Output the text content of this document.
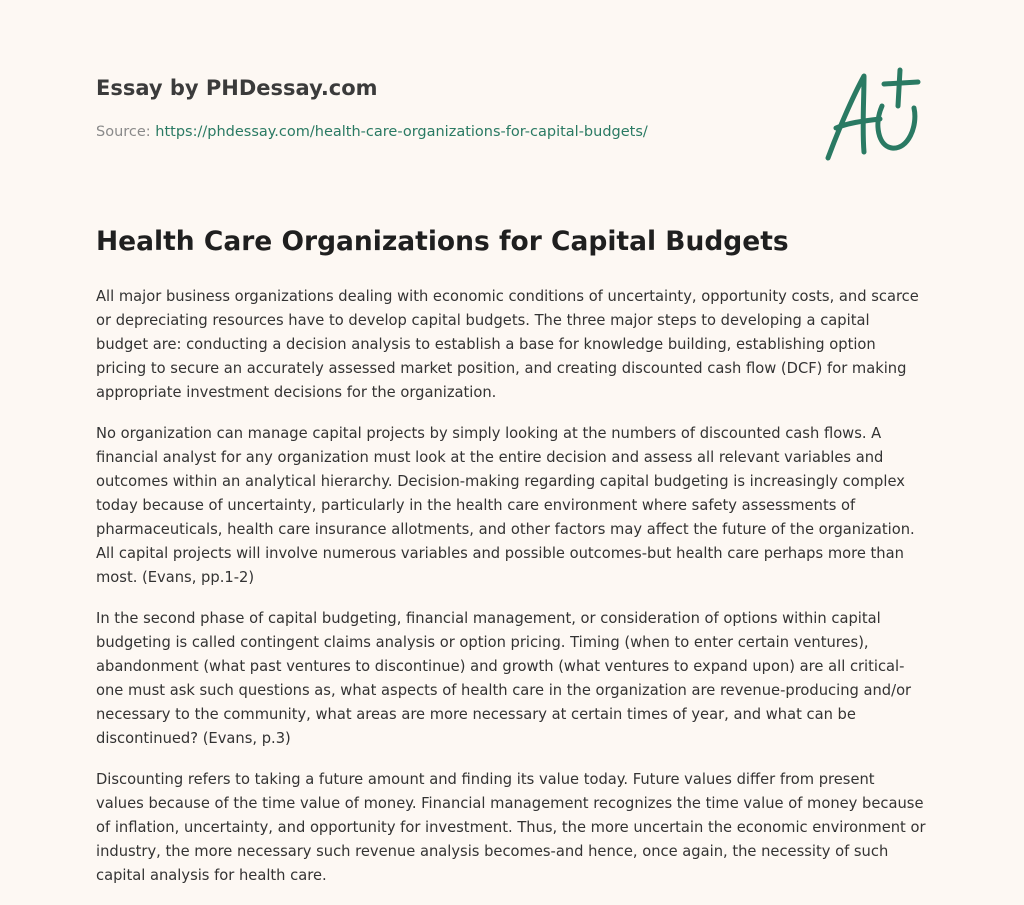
Essay by PHDessay.com

Source: https://phdessay.com/health-care-organizations-for-capital-budgets/

Health Care Organizations for Capital Budgets

All major business organizations dealing with economic conditions of uncertainty, opportunity costs, and scarce or depreciating resources have to develop capital budgets. The three major steps to developing a capital budget are: conducting a decision analysis to establish a base for knowledge building, establishing option pricing to secure an accurately assessed market position, and creating discounted cash flow (DCF) for making appropriate investment decisions for the organization.

No organization can manage capital projects by simply looking at the numbers of discounted cash flows. A financial analyst for any organization must look at the entire decision and assess all relevant variables and outcomes within an analytical hierarchy. Decision-making regarding capital budgeting is increasingly complex today because of uncertainty, particularly in the health care environment where safety assessments of pharmaceuticals, health care insurance allotments, and other factors may affect the future of the organization. All capital projects will involve numerous variables and possible outcomes-but health care perhaps more than most. (Evans, pp.1-2)

In the second phase of capital budgeting, financial management, or consideration of options within capital budgeting is called contingent claims analysis or option pricing. Timing (when to enter certain ventures), abandonment (what past ventures to discontinue) and growth (what ventures to expand upon) are all critical-one must ask such questions as, what aspects of health care in the organization are revenue-producing and/or necessary to the community, what areas are more necessary at certain times of year, and what can be discontinued? (Evans, p.3)

Discounting refers to taking a future amount and finding its value today. Future values differ from present values because of the time value of money. Financial management recognizes the time value of money because of inflation, uncertainty, and opportunity for investment. Thus, the more uncertain the economic environment or industry, the more necessary such revenue analysis becomes-and hence, once again, the necessity of such capital analysis for health care.
